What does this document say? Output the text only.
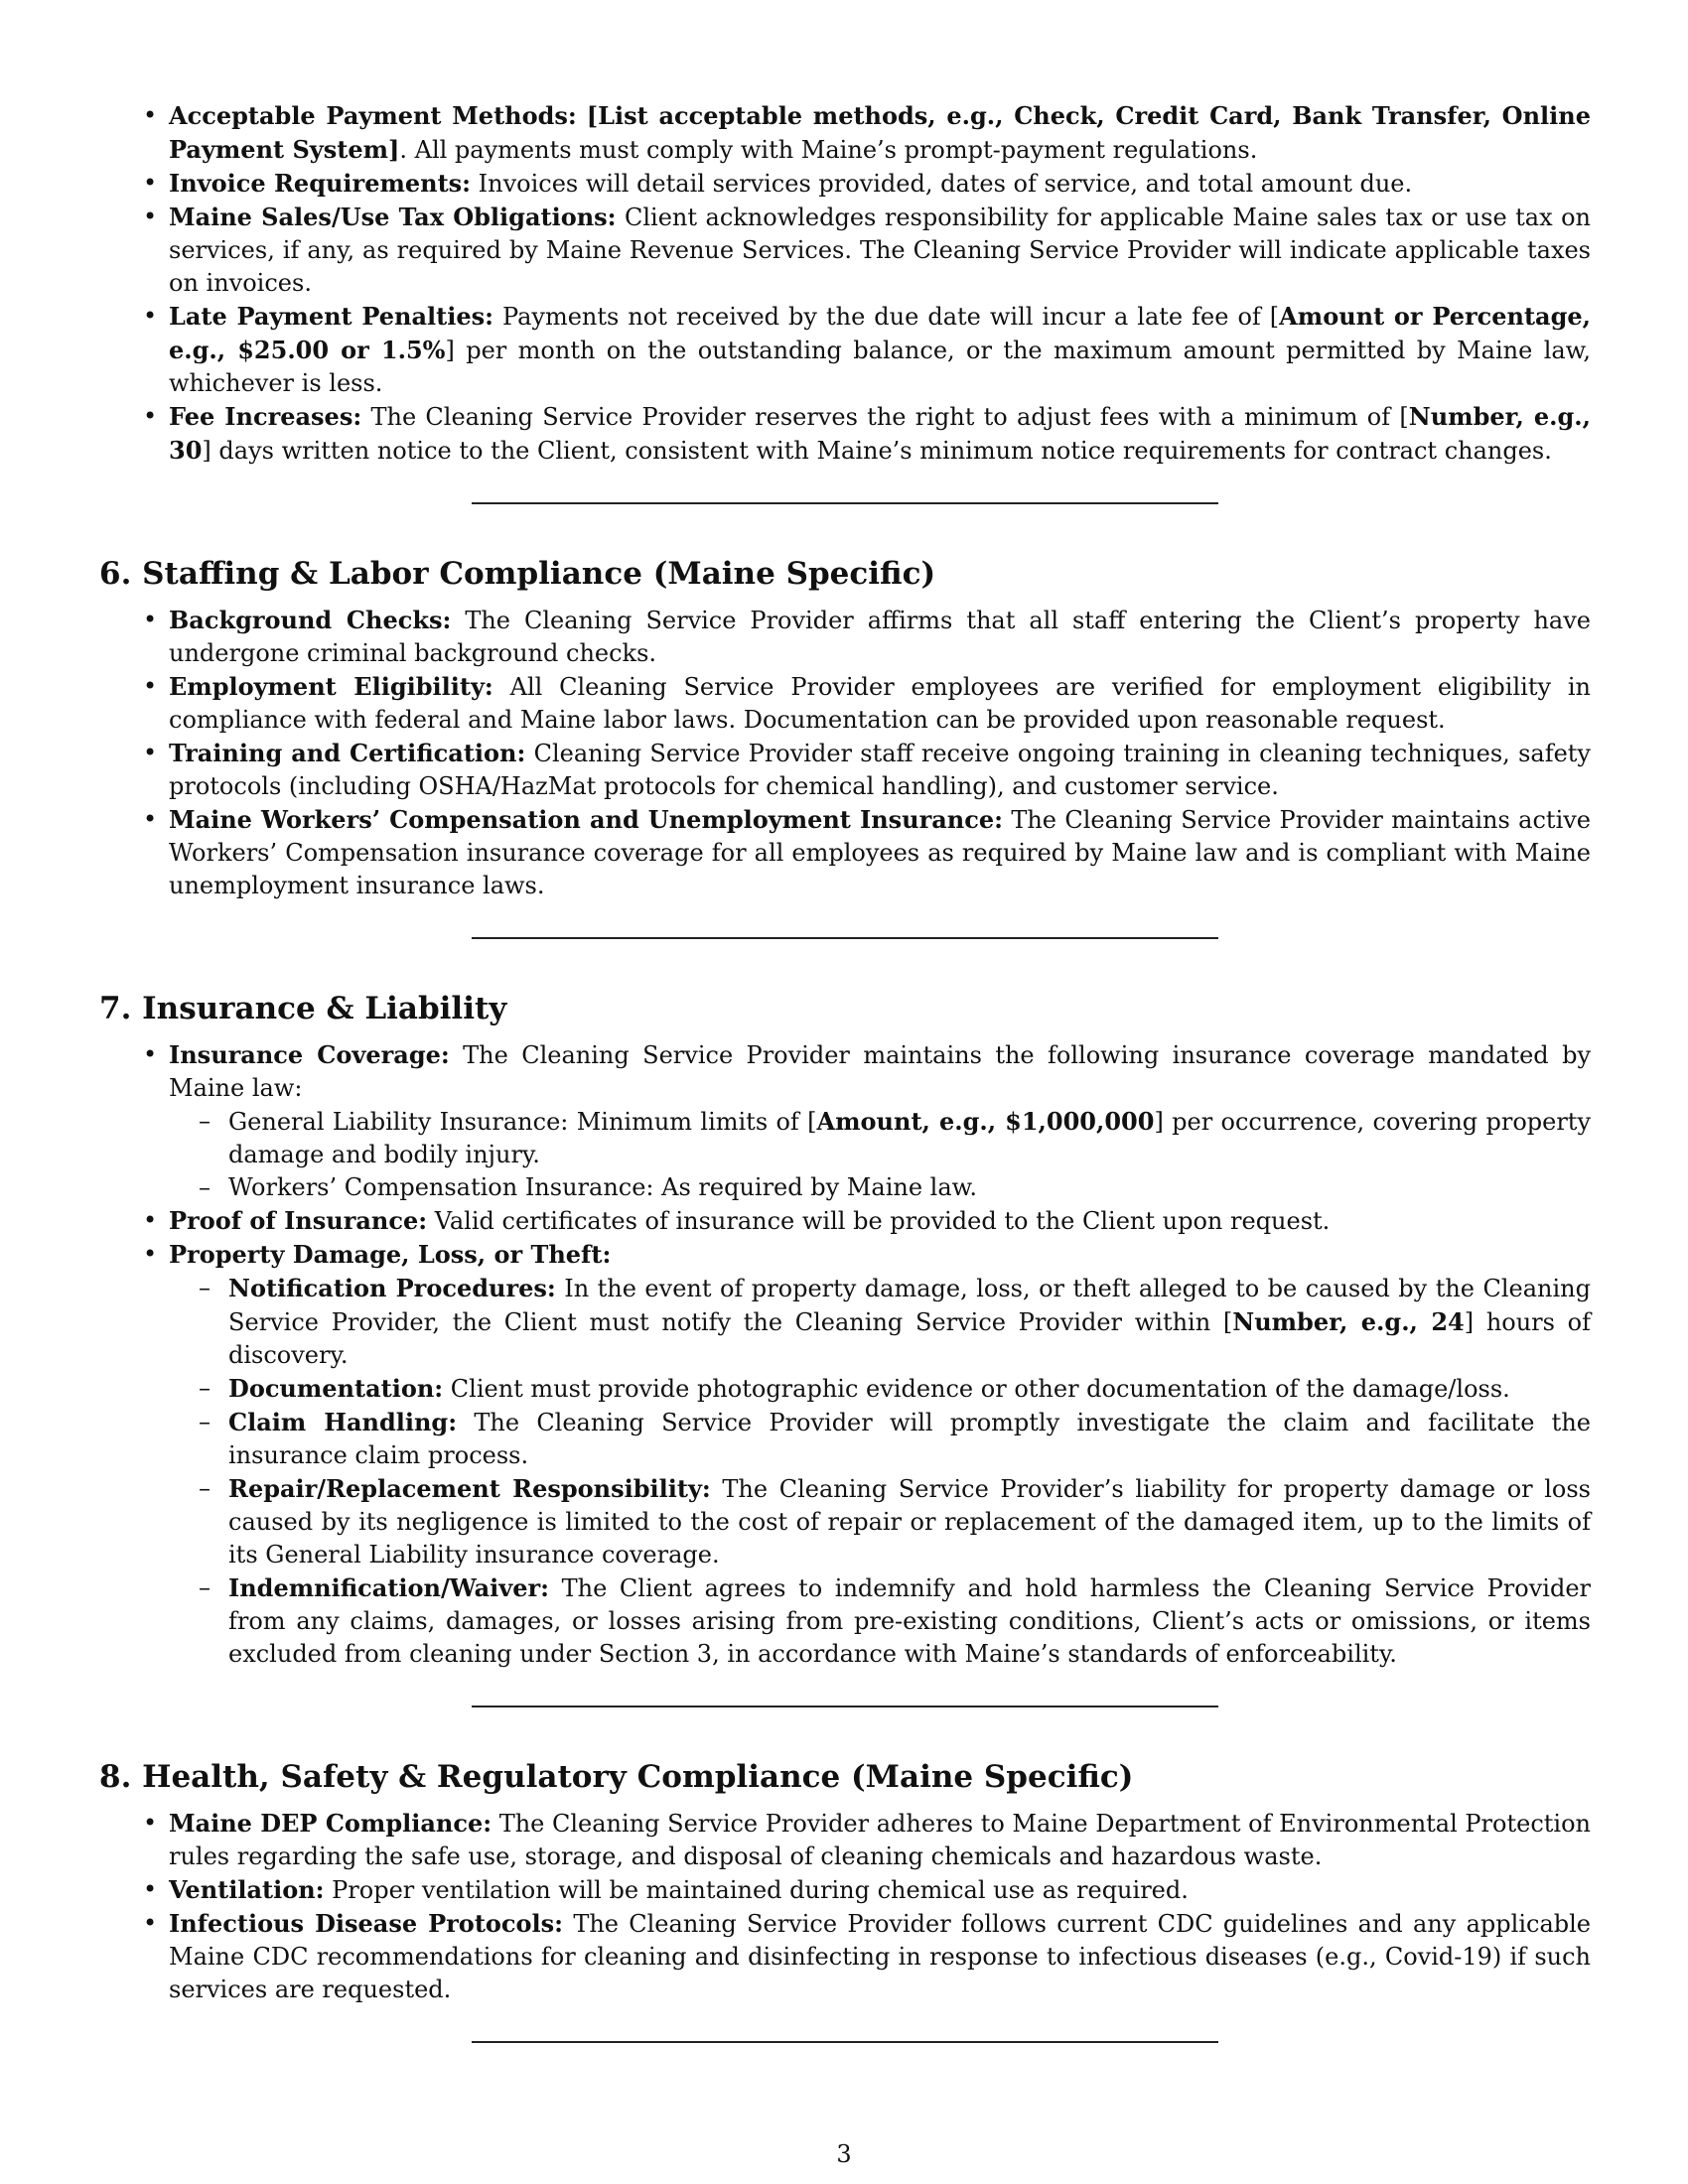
• Acceptable Payment Methods: [List acceptable methods, e.g., Check, Credit Card, Bank Transfer, Online Payment System]. All payments must comply with Maine’s prompt-payment regulations.
• Invoice Requirements: Invoices will detail services provided, dates of service, and total amount due.
• Maine Sales/Use Tax Obligations: Client acknowledges responsibility for applicable Maine sales tax or use tax on services, if any, as required by Maine Revenue Services. The Cleaning Service Provider will indicate applicable taxes on invoices.
• Late Payment Penalties: Payments not received by the due date will incur a late fee of [Amount or Percentage, e.g., $25.00 or 1.5%] per month on the outstanding balance, or the maximum amount permitted by Maine law, whichever is less.
• Fee Increases: The Cleaning Service Provider reserves the right to adjust fees with a minimum of [Number, e.g., 30] days written notice to the Client, consistent with Maine’s minimum notice requirements for contract changes.
6. Staffing & Labor Compliance (Maine Specific)
• Background Checks: The Cleaning Service Provider affirms that all staff entering the Client’s property have undergone criminal background checks.
• Employment Eligibility: All Cleaning Service Provider employees are verified for employment eligibility in compliance with federal and Maine labor laws. Documentation can be provided upon reasonable request.
• Training and Certification: Cleaning Service Provider staff receive ongoing training in cleaning techniques, safety protocols (including OSHA/HazMat protocols for chemical handling), and customer service.
• Maine Workers’ Compensation and Unemployment Insurance: The Cleaning Service Provider maintains active Workers’ Compensation insurance coverage for all employees as required by Maine law and is compliant with Maine unemployment insurance laws.
7. Insurance & Liability
• Insurance Coverage: The Cleaning Service Provider maintains the following insurance coverage mandated by Maine law:
– General Liability Insurance: Minimum limits of [Amount, e.g., $1,000,000] per occurrence, covering property damage and bodily injury.
– Workers’ Compensation Insurance: As required by Maine law.
• Proof of Insurance: Valid certificates of insurance will be provided to the Client upon request.
• Property Damage, Loss, or Theft:
– Notification Procedures: In the event of property damage, loss, or theft alleged to be caused by the Cleaning Service Provider, the Client must notify the Cleaning Service Provider within [Number, e.g., 24] hours of discovery.
– Documentation: Client must provide photographic evidence or other documentation of the damage/loss.
– Claim Handling: The Cleaning Service Provider will promptly investigate the claim and facilitate the insurance claim process.
– Repair/Replacement Responsibility: The Cleaning Service Provider’s liability for property damage or loss caused by its negligence is limited to the cost of repair or replacement of the damaged item, up to the limits of its General Liability insurance coverage.
– Indemnification/Waiver: The Client agrees to indemnify and hold harmless the Cleaning Service Provider from any claims, damages, or losses arising from pre-existing conditions, Client’s acts or omissions, or items excluded from cleaning under Section 3, in accordance with Maine’s standards of enforceability.
8. Health, Safety & Regulatory Compliance (Maine Specific)
• Maine DEP Compliance: The Cleaning Service Provider adheres to Maine Department of Environmental Protection rules regarding the safe use, storage, and disposal of cleaning chemicals and hazardous waste.
• Ventilation: Proper ventilation will be maintained during chemical use as required.
• Infectious Disease Protocols: The Cleaning Service Provider follows current CDC guidelines and any applicable Maine CDC recommendations for cleaning and disinfecting in response to infectious diseases (e.g., Covid-19) if such services are requested.
3
